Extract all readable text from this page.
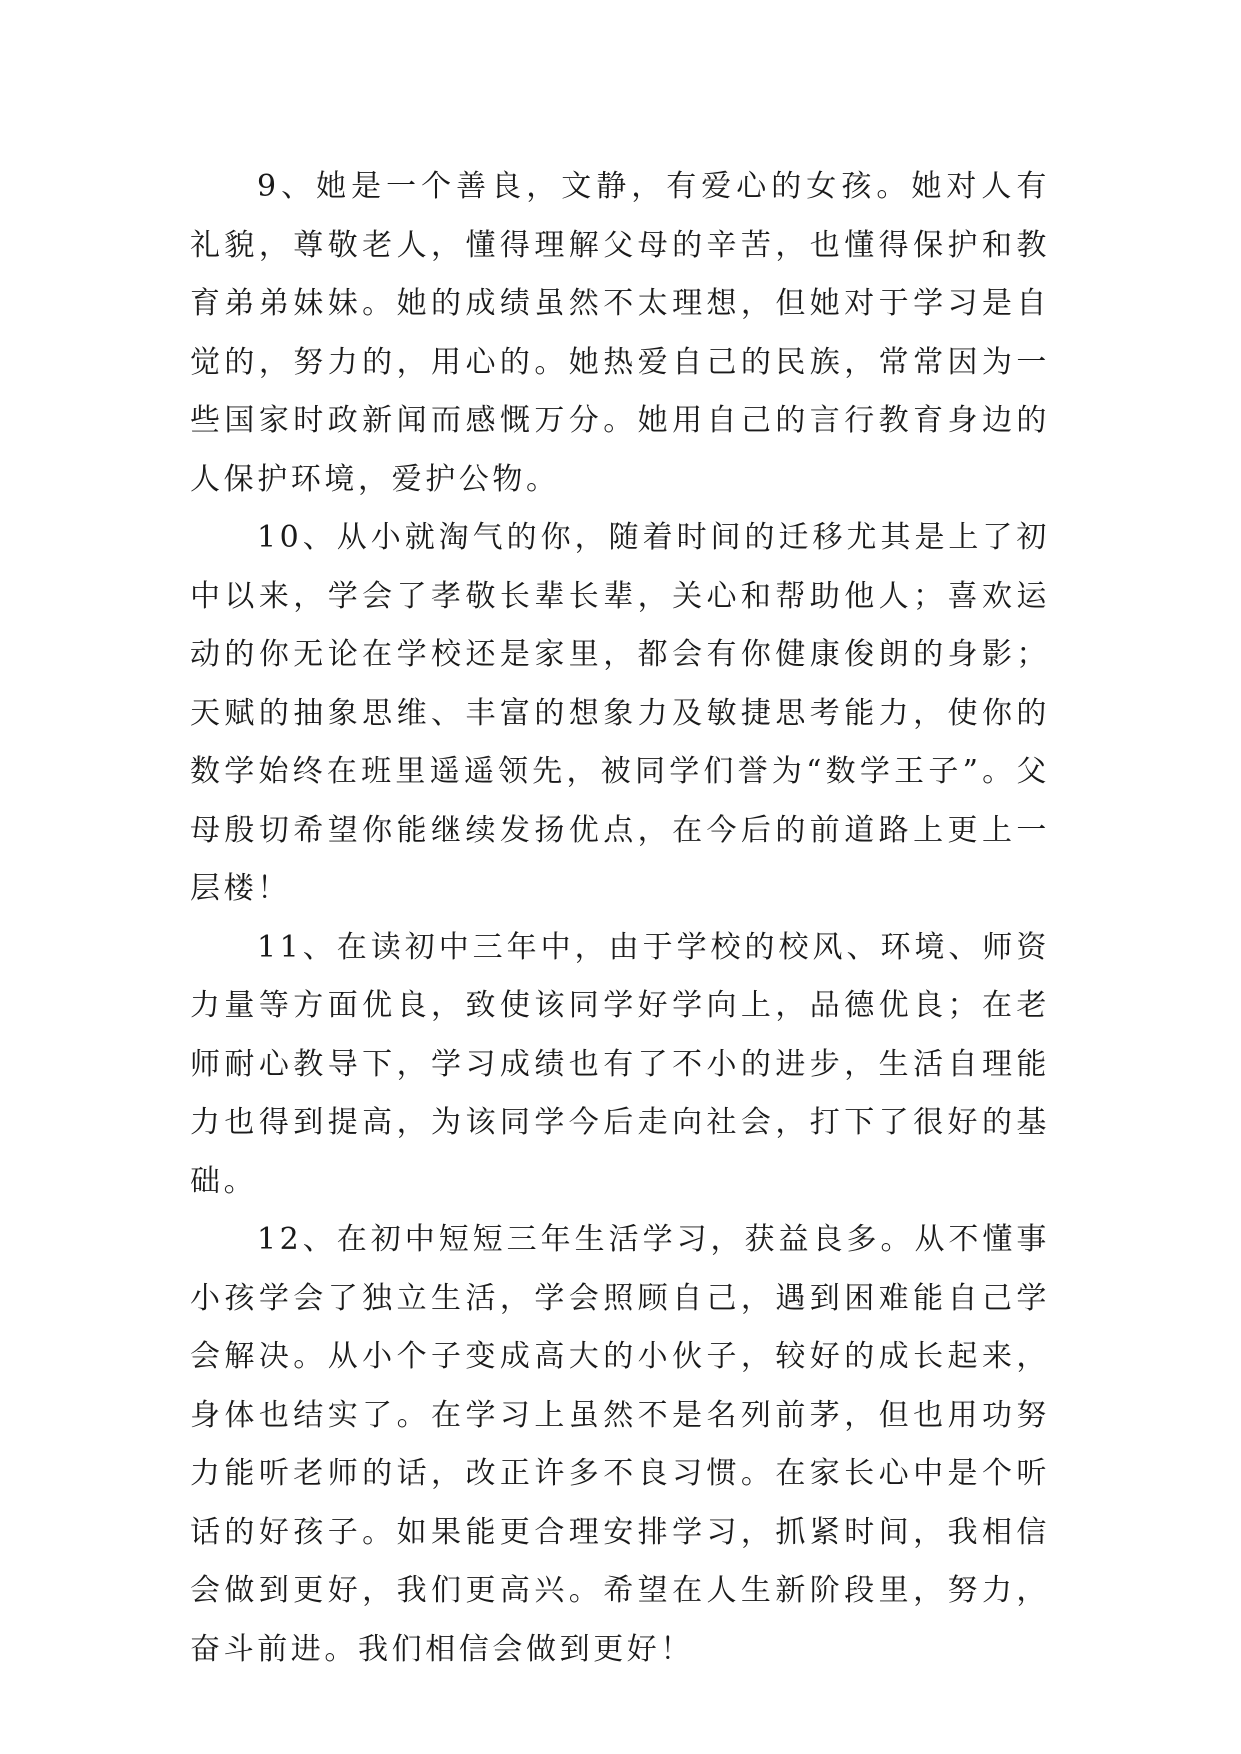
9、她是一个善良，文静，有爱心的女孩。她对人有礼貌，尊敬老人，懂得理解父母的辛苦，也懂得保护和教育弟弟妹妹。她的成绩虽然不太理想，但她对于学习是自觉的，努力的，用心的。她热爱自己的民族，常常因为一些国家时政新闻而感慨万分。她用自己的言行教育身边的人保护环境，爱护公物。

10、从小就淘气的你，随着时间的迁移尤其是上了初中以来，学会了孝敬长辈长辈，关心和帮助他人；喜欢运动的你无论在学校还是家里，都会有你健康俊朗的身影；天赋的抽象思维、丰富的想象力及敏捷思考能力，使你的数学始终在班里遥遥领先，被同学们誉为“数学王子”。父母殷切希望你能继续发扬优点，在今后的前道路上更上一层楼！

11、在读初中三年中，由于学校的校风、环境、师资力量等方面优良，致使该同学好学向上，品德优良；在老师耐心教导下，学习成绩也有了不小的进步，生活自理能力也得到提高，为该同学今后走向社会，打下了很好的基础。

12、在初中短短三年生活学习，获益良多。从不懂事小孩学会了独立生活，学会照顾自己，遇到困难能自己学会解决。从小个子变成高大的小伙子，较好的成长起来，身体也结实了。在学习上虽然不是名列前茅，但也用功努力能听老师的话，改正许多不良习惯。在家长心中是个听话的好孩子。如果能更合理安排学习，抓紧时间，我相信会做到更好，我们更高兴。希望在人生新阶段里，努力，奋斗前进。我们相信会做到更好！
